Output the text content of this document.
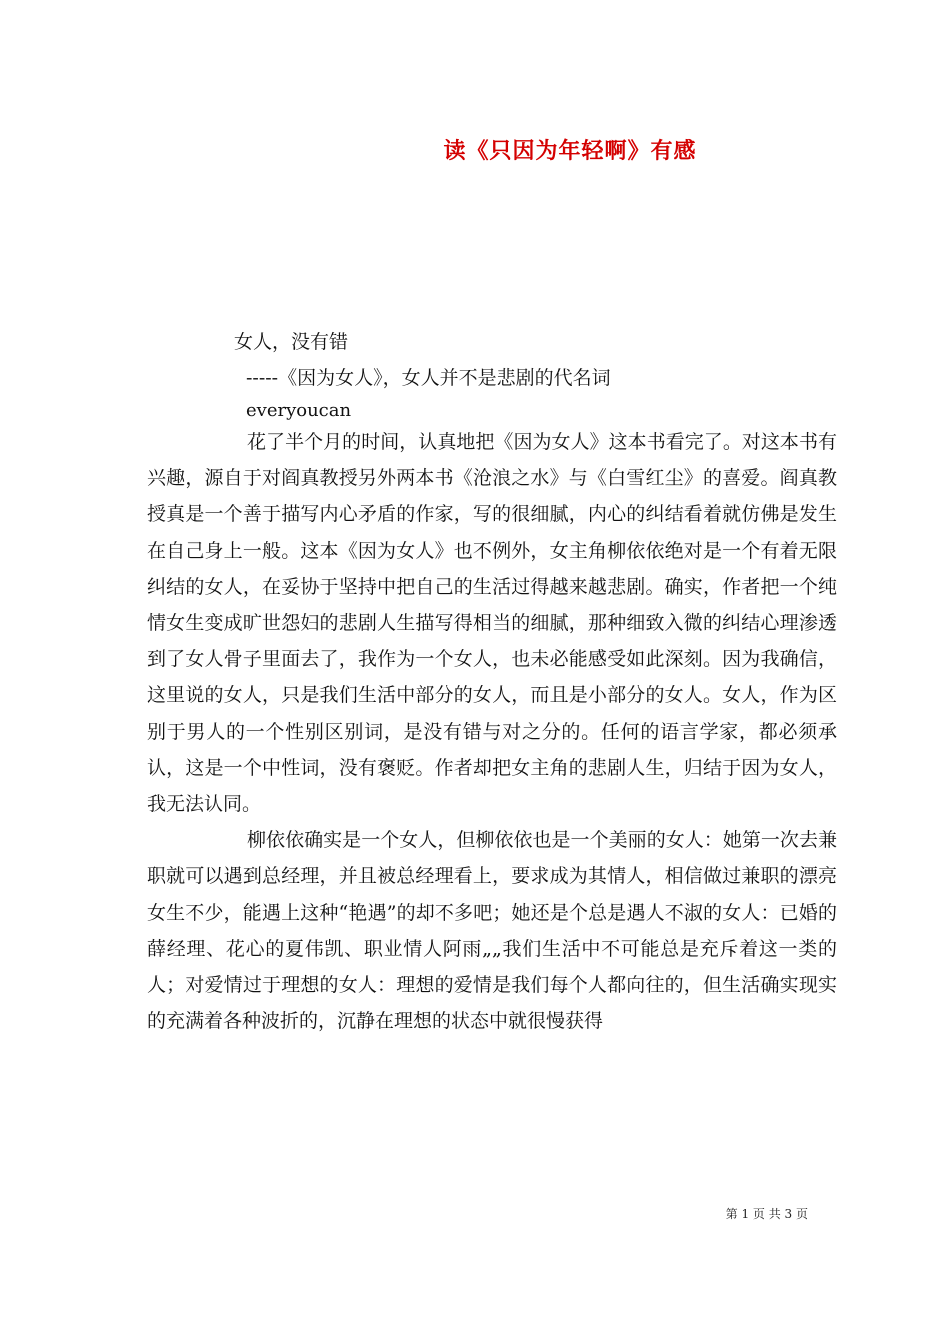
读《只因为年轻啊》有感
女人，没有错
-----《因为女人》，女人并不是悲剧的代名词
everyoucan

花了半个月的时间，认真地把《因为女人》这本书看完了。对这本书有兴趣，源自于对阎真教授另外两本书《沧浪之水》与《白雪红尘》的喜爱。阎真教授真是一个善于描写内心矛盾的作家，写的很细腻，内心的纠结看着就仿佛是发生在自己身上一般。这本《因为女人》也不例外，女主角柳依依绝对是一个有着无限纠结的女人，在妥协于坚持中把自己的生活过得越来越悲剧。确实，作者把一个纯情女生变成旷世怨妇的悲剧人生描写得相当的细腻，那种细致入微的纠结心理渗透到了女人骨子里面去了，我作为一个女人，也未必能感受如此深刻。因为我确信，这里说的女人，只是我们生活中部分的女人，而且是小部分的女人。女人，作为区别于男人的一个性别区别词，是没有错与对之分的。任何的语言学家，都必须承认，这是一个中性词，没有褒贬。作者却把女主角的悲剧人生，归结于因为女人，我无法认同。

柳依依确实是一个女人，但柳依依也是一个美丽的女人：她第一次去兼职就可以遇到总经理，并且被总经理看上，要求成为其情人，相信做过兼职的漂亮女生不少，能遇上这种“艳遇”的却不多吧；她还是个总是遇人不淑的女人：已婚的薛经理、花心的夏伟凯、职业情人阿雨„„我们生活中不可能总是充斥着这一类的人；对爱情过于理想的女人：理想的爱情是我们每个人都向往的，但生活确实现实的充满着各种波折的，沉静在理想的状态中就很慢获得

第 1 页 共 3 页
